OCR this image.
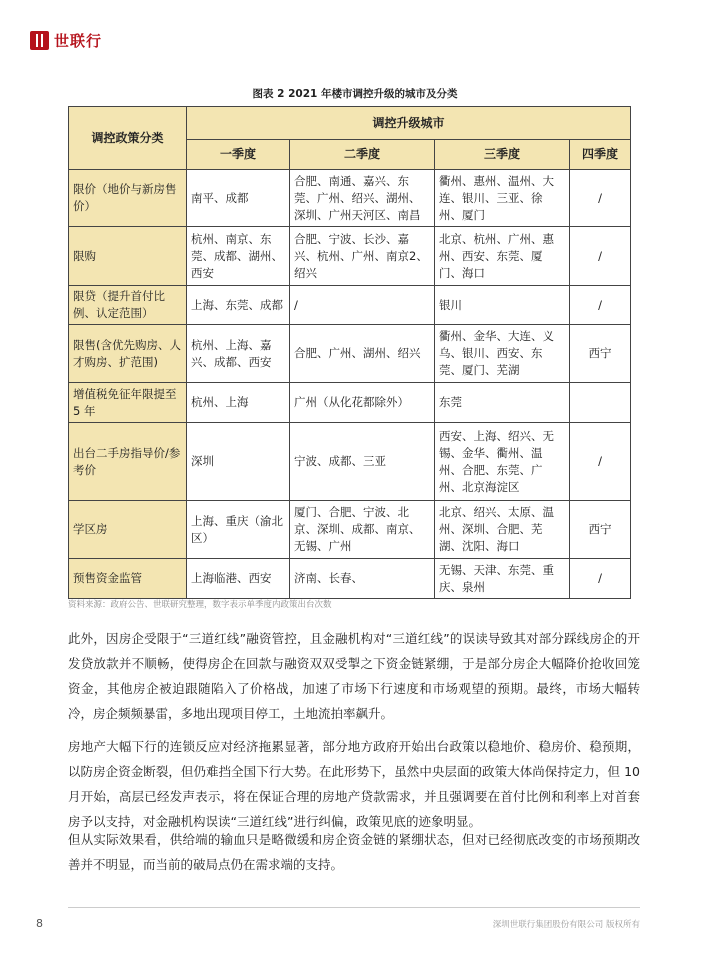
世联行
图表 2 2021 年楼市调控升级的城市及分类
调控政策分类	调控升级城市			
	一季度	二季度	三季度	四季度
限价（地价与新房售价）	南平、成都	合肥、南通、嘉兴、东莞、广州、绍兴、湖州、深圳、广州天河区、南昌	衢州、惠州、温州、大连、银川、三亚、徐州、厦门	/
限购	杭州、南京、东莞、成都、湖州、西安	合肥、宁波、长沙、嘉兴、杭州、广州、南京2、绍兴	北京、杭州、广州、惠州、西安、东莞、厦门、海口	/
限贷（提升首付比例、认定范围）	上海、东莞、成都	/	银川	/
限售(含优先购房、人才购房、扩范围)	杭州、上海、嘉兴、成都、西安	合肥、广州、湖州、绍兴	衢州、金华、大连、义乌、银川、西安、东莞、厦门、芜湖	西宁
增值税免征年限提至 5 年	杭州、上海	广州（从化花都除外）	东莞	
出台二手房指导价/参考价	深圳	宁波、成都、三亚	西安、上海、绍兴、无锡、金华、衢州、温州、合肥、东莞、广州、北京海淀区	/
学区房	上海、重庆（渝北区）	厦门、合肥、宁波、北京、深圳、成都、南京、无锡、广州	北京、绍兴、太原、温州、深圳、合肥、芜湖、沈阳、海口	西宁
预售资金监管	上海临港、西安	济南、长春、	无锡、天津、东莞、重庆、泉州	/
资料来源：政府公告、世联研究整理，数字表示单季度内政策出台次数

此外，因房企受限于“三道红线”融资管控，且金融机构对“三道红线”的误读导致其对部分踩线房企的开发贷放款并不顺畅，使得房企在回款与融资双双受掣之下资金链紧绷，于是部分房企大幅降价抢收回笼资金，其他房企被迫跟随陷入了价格战，加速了市场下行速度和市场观望的预期。最终，市场大幅转冷，房企频频暴雷，多地出现项目停工，土地流拍率飙升。

房地产大幅下行的连锁反应对经济拖累显著，部分地方政府开始出台政策以稳地价、稳房价、稳预期，以防房企资金断裂，但仍难挡全国下行大势。在此形势下，虽然中央层面的政策大体尚保持定力，但 10 月开始，高层已经发声表示，将在保证合理的房地产贷款需求，并且强调要在首付比例和利率上对首套房予以支持，对金融机构误读“三道红线”进行纠偏，政策见底的迹象明显。

但从实际效果看，供给端的输血只是略微缓和房企资金链的紧绷状态，但对已经彻底改变的市场预期改善并不明显，而当前的破局点仍在需求端的支持。

8	深圳世联行集团股份有限公司 版权所有
